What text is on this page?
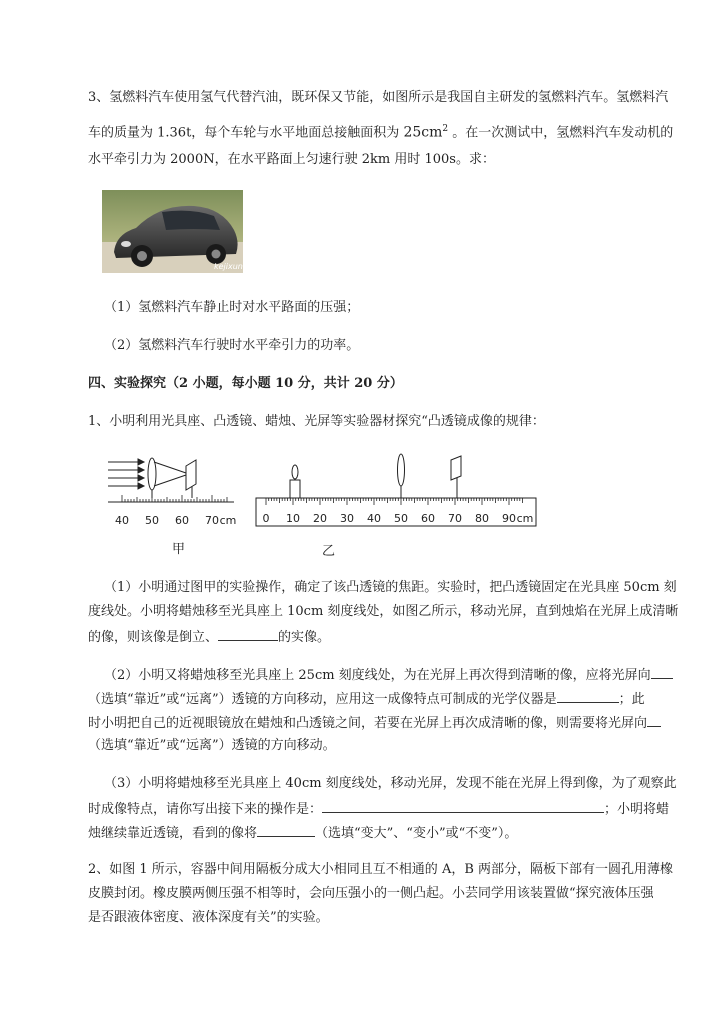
3、氢燃料汽车使用氢气代替汽油，既环保又节能，如图所示是我国自主研发的氢燃料汽车。氢燃料汽
车的质量为 1.36t，每个车轮与水平地面总接触面积为 $25cm^2$ 。在一次测试中，氢燃料汽车发动机的
水平牵引力为 2000N，在水平路面上匀速行驶 2km 用时 100s。求：
kejixun
（1）氢燃料汽车静止时对水平路面的压强；
（2）氢燃料汽车行驶时水平牵引力的功率。
四、实验探究（2 小题，每小题 10 分，共计 20 分）
1、小明利用光具座、凸透镜、蜡烛、光屏等实验器材探究“凸透镜成像的规律：
40 50 60 70 cm
甲
0 10 20 30 40 50 60 70 80 90 cm
乙
（1）小明通过图甲的实验操作，确定了该凸透镜的焦距。实验时，把凸透镜固定在光具座 50cm 刻
度线处。小明将蜡烛移至光具座上 10cm 刻度线处，如图乙所示，移动光屏，直到烛焰在光屏上成清晰
的像，则该像是倒立、	的实像。
（2）小明又将蜡烛移至光具座上 25cm 刻度线处，为在光屏上再次得到清晰的像，应将光屏向
（选填“靠近”或“远离”）透镜的方向移动，应用这一成像特点可制成的光学仪器是	；此
时小明把自己的近视眼镜放在蜡烛和凸透镜之间，若要在光屏上再次成清晰的像，则需要将光屏向
（选填“靠近”或“远离”）透镜的方向移动。
（3）小明将蜡烛移至光具座上 40cm 刻度线处，移动光屏，发现不能在光屏上得到像，为了观察此
时成像特点，请你写出接下来的操作是：	；小明将蜡
烛继续靠近透镜，看到的像将	（选填“变大”、“变小”或“不变”）。
2、如图 1 所示，容器中间用隔板分成大小相同且互不相通的 A，B 两部分，隔板下部有一圆孔用薄橡
皮膜封闭。橡皮膜两侧压强不相等时，会向压强小的一侧凸起。小芸同学用该装置做“探究液体压强
是否跟液体密度、液体深度有关”的实验。
